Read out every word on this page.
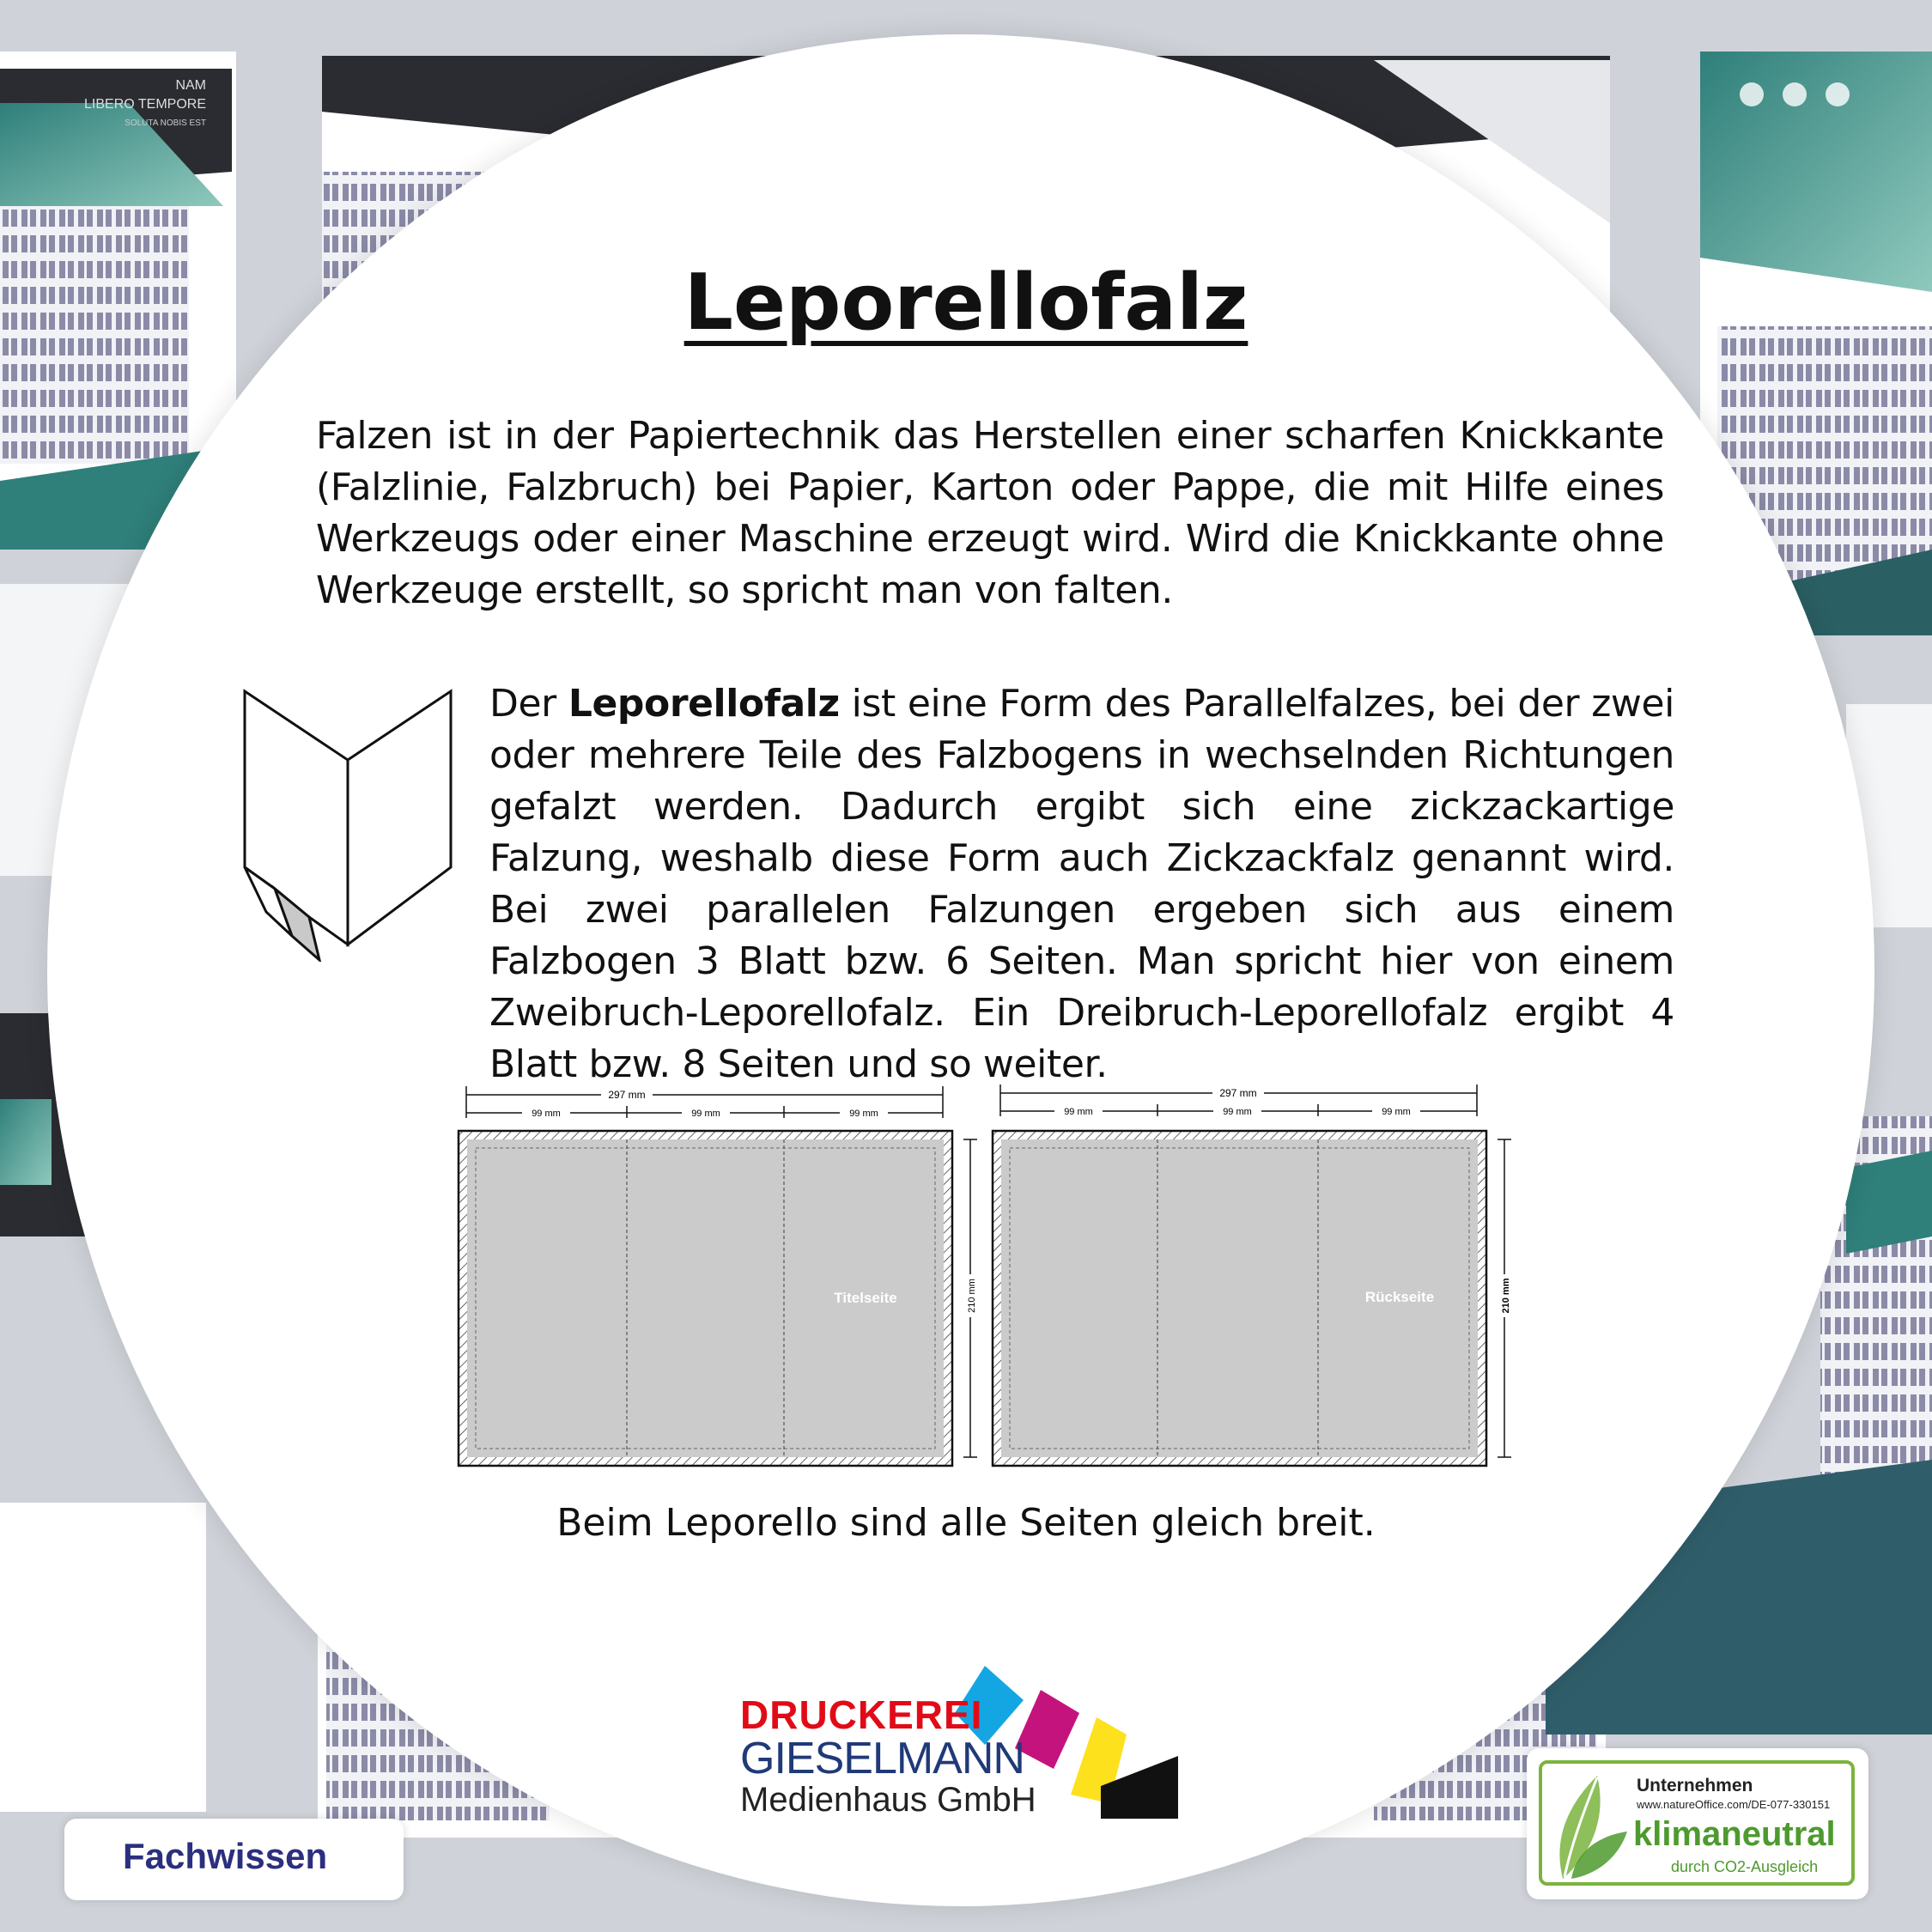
NAM
LIBERO TEMPORE
SOLUTA NOBIS EST
Leporellofalz
Falzen ist in der Papiertechnik das Herstellen einer scharfen Knickkante (Falzlinie, Falzbruch) bei Papier, Karton oder Pappe, die mit Hilfe eines Werkzeugs oder einer Maschine erzeugt wird. Wird die Knickkante ohne Werkzeuge erstellt, so spricht man von falten.
Der Leporellofalz ist eine Form des Parallelfalzes, bei der zwei oder mehrere Teile des Falzbogens in wechselnden Richtungen gefalzt werden. Dadurch ergibt sich eine zickzackartige Falzung, weshalb diese Form auch Zickzackfalz genannt wird. Bei zwei parallelen Falzungen ergeben sich aus einem Falzbogen 3 Blatt bzw. 6 Seiten. Man spricht hier von einem Zweibruch-Leporellofalz. Ein Dreibruch-Leporellofalz ergibt 4 Blatt bzw. 8 Seiten und so weiter.
297 mm
99 mm	99 mm	99 mm
Titelseite	210 mm
297 mm
99 mm	99 mm	99 mm
Rückseite	210 mm
Beim Leporello sind alle Seiten gleich breit.
DRUCKEREI
GIESELMANN
Medienhaus GmbH
Fachwissen
Unternehmen
www.natureOffice.com/DE-077-330151
klimaneutral
durch CO2-Ausgleich
